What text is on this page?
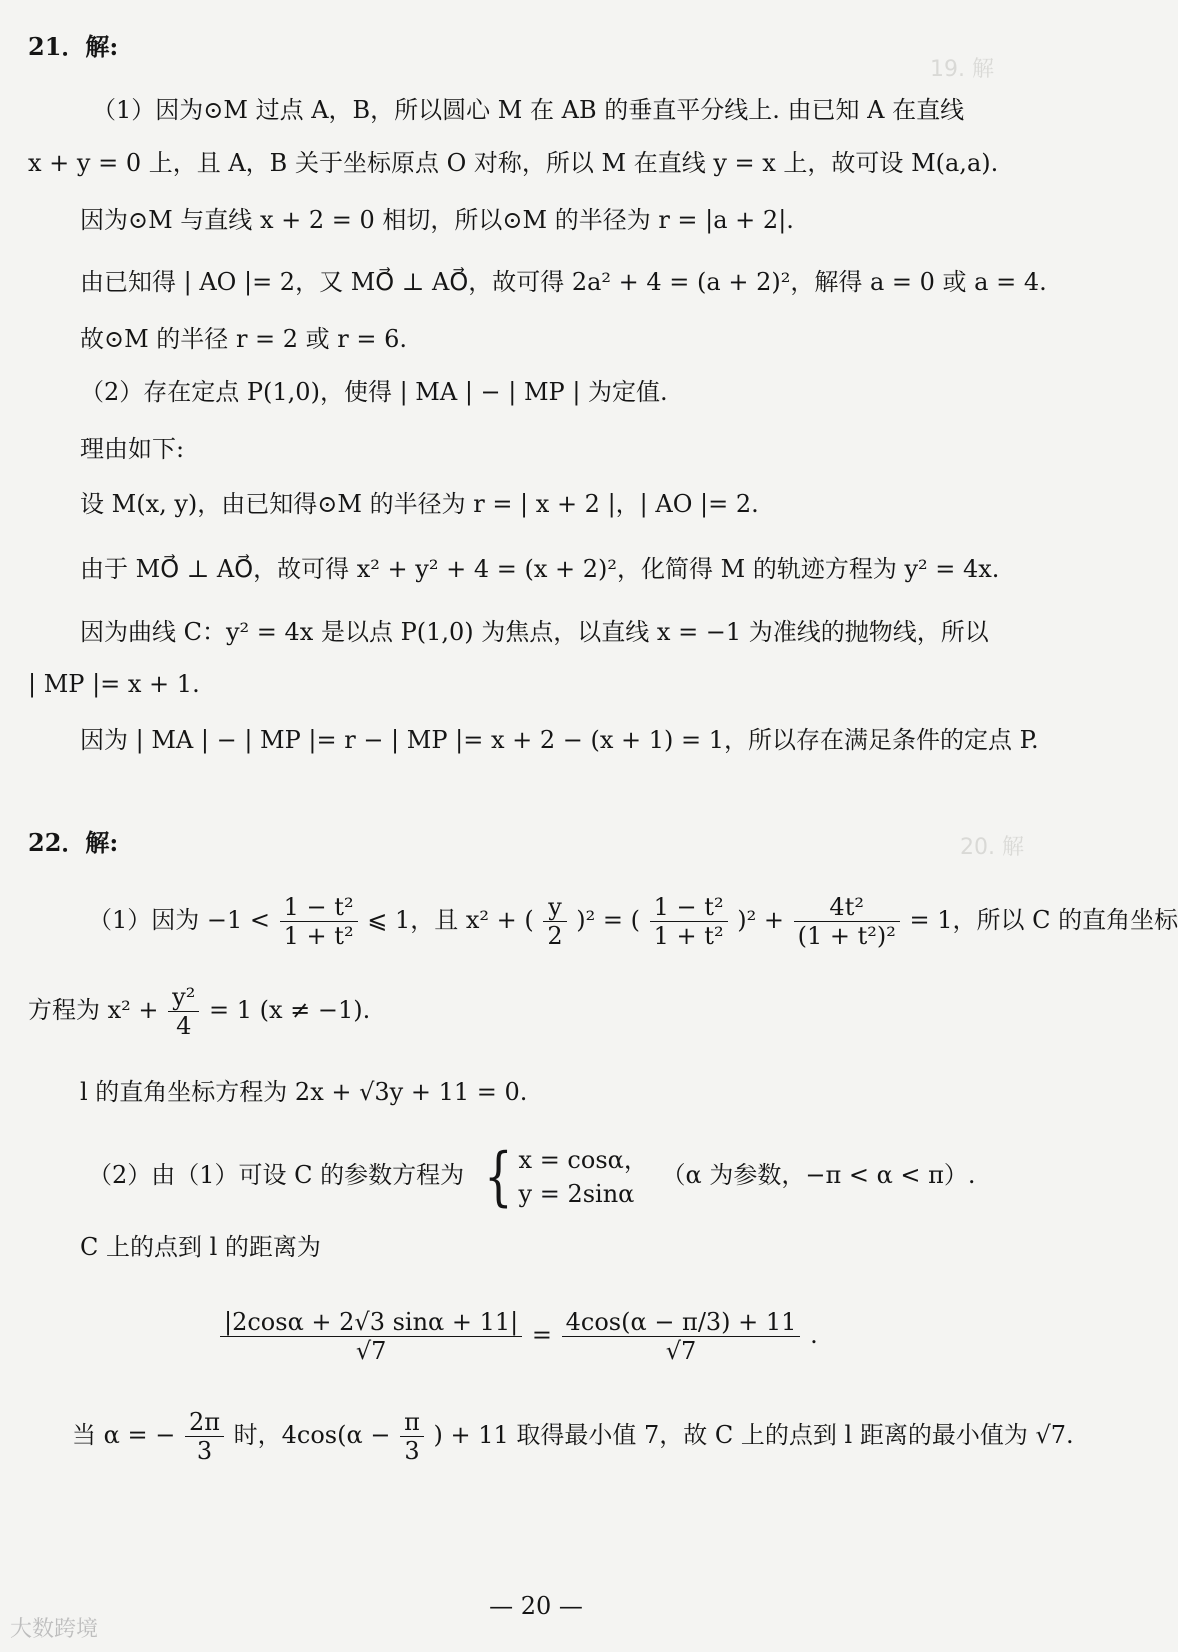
19. 解
20. 解
21．解:
（1）因为⊙M 过点 A，B，所以圆心 M 在 AB 的垂直平分线上. 由已知 A 在直线
x + y = 0 上，且 A，B 关于坐标原点 O 对称，所以 M 在直线 y = x 上，故可设 M(a,a).
因为⊙M 与直线 x + 2 = 0 相切，所以⊙M 的半径为 r = |a + 2|.
由已知得 | AO |= 2，又 MO⃗ ⊥ AO⃗，故可得 2a² + 4 = (a + 2)²，解得 a = 0 或 a = 4.
故⊙M 的半径 r = 2 或 r = 6.
（2）存在定点 P(1,0)，使得 | MA | − | MP | 为定值.
理由如下:
设 M(x, y)，由已知得⊙M 的半径为 r = | x + 2 |，| AO |= 2.
由于 MO⃗ ⊥ AO⃗，故可得 x² + y² + 4 = (x + 2)²，化简得 M 的轨迹方程为 y² = 4x.
因为曲线 C：y² = 4x 是以点 P(1,0) 为焦点，以直线 x = −1 为准线的抛物线，所以
| MP |= x + 1.
因为 | MA | − | MP |= r − | MP |= x + 2 − (x + 1) = 1，所以存在满足条件的定点 P.
22．解:
（1）因为 $-1 < \frac{\text{1 − t²}}{\text{1 + t²}}$ ⩽ 1，且 x² + ( $\frac{y}{2} )^2$ = ( $\frac{\text{1 − t²}}{\text{1 + t²}} )^2 + \frac{\text{4t²}}{\text{(1 + t²)²}} = 1$，所以 C 的直角坐标
方程为 $x^2 + \frac{\text{y²}}{4} = 1$ (x ≠ −1).
l 的直角坐标方程为 2x + √3y + 11 = 0.
（2）由（1）可设 C 的参数方程为 { x = cosα，
y = 2sinα
（α 为参数，−π < α < π）.
C 上的点到 l 的距离为
$\frac{|2\cos\alpha + 2√3 \sin\alpha + 11|}{√7} = \frac{4\cos(\alpha - \pi/3) + 11}{√7}$ .
当 α = − $\frac{2\pi}{3}$ 时，$4\cos(\alpha - \frac{\pi}{3}$ ) + 11 取得最小值 7，故 C 上的点到 l 距离的最小值为 √7.
— 20 —
大数跨境
